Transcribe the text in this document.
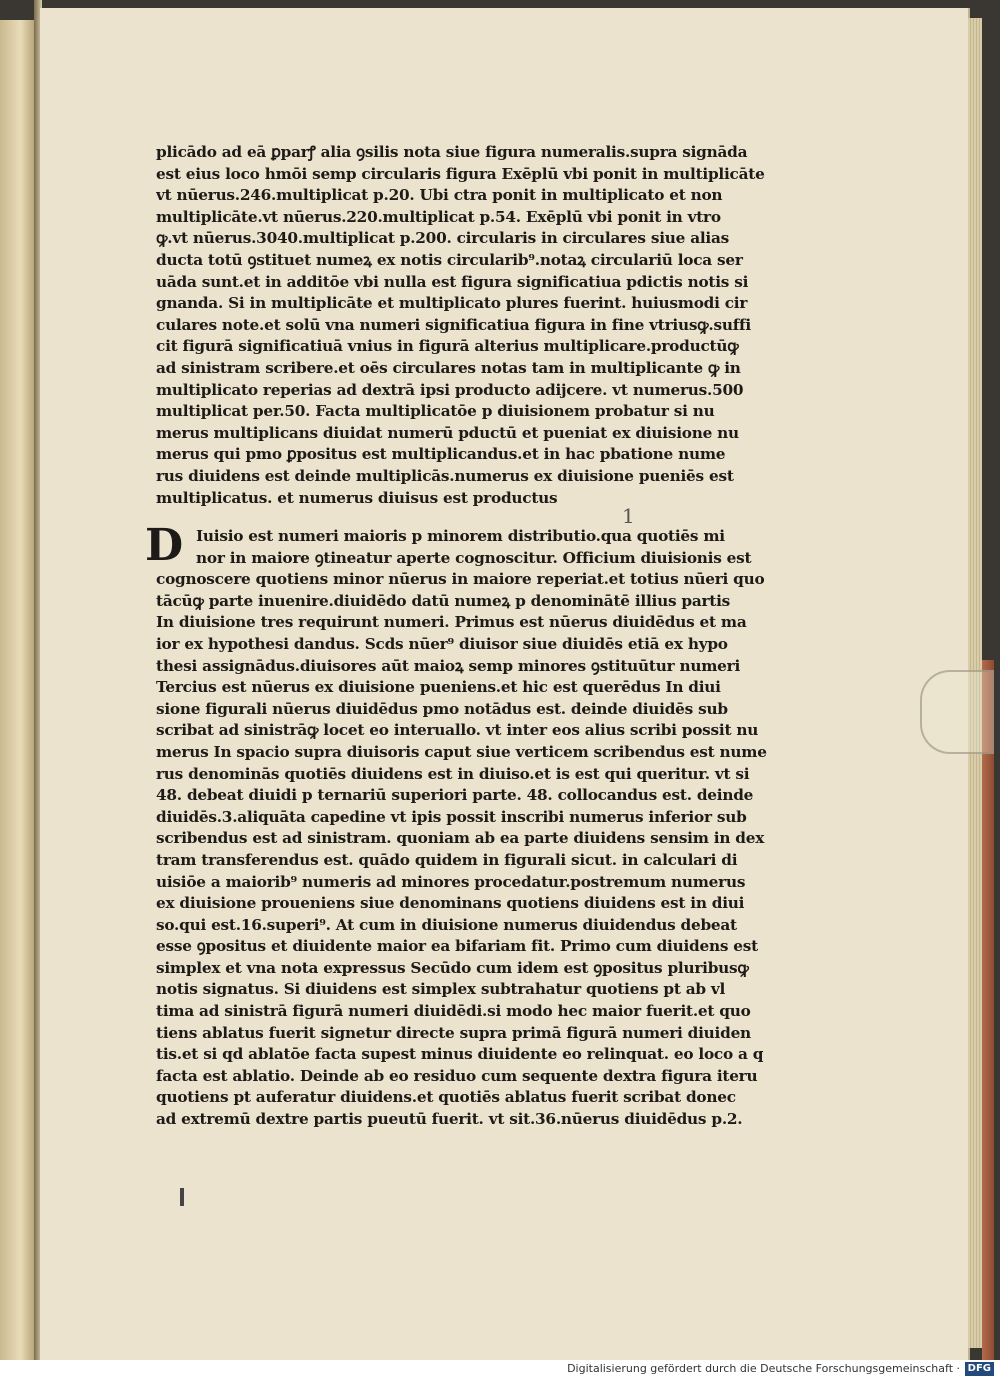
plicādo ad eā ꝑparꝭ alia ꝯsilis nota siue figura numeralis.supra signāda
est eius loco hmōi semp circularis figura Exēplū vbi ponit in multiplicāte
vt nūerus.246.multiplicat p.20. Ubi ctra ponit in multiplicato et non
multiplicāte.vt nūerus.220.multiplicat p.54. Exēplū vbi ponit in vtro
ꝙ.vt nūerus.3040.multiplicat p.200. circularis in circulares siue alias
ducta totū ꝯstituet numeꝝ ex notis circularib⁹.notaꝝ circulariū loca ser
uāda sunt.et in additōe vbi nulla est figura significatiua pdictis notis si
gnanda. Si in multiplicāte et multiplicato plures fuerint. huiusmodi cir
culares note.et solū vna numeri significatiua figura in fine vtriusꝙ.suffi
cit figurā significatiuā vnius in figurā alterius multiplicare.productūꝙ
ad sinistram scribere.et oēs circulares notas tam in multiplicante ꝙ in
multiplicato reperias ad dextrā ipsi producto adijcere. vt numerus.500
multiplicat per.50. Facta multiplicatōe p diuisionem probatur si nu
merus multiplicans diuidat numerū pductū et pueniat ex diuisione nu
merus qui pmo ꝑpositus est multiplicandus.et in hac pbatione nume
rus diuidens est deinde multiplicās.numerus ex diuisione pueniēs est
multiplicatus. et numerus diuisus est productus
1
D Iuisio est numeri maioris p minorem distributio.qua quotiēs mi
nor in maiore ꝯtineatur aperte cognoscitur. Officium diuisionis est
cognoscere quotiens minor nūerus in maiore reperiat.et totius nūeri quo
tācūꝙ parte inuenire.diuidēdo datū numeꝝ p denominātē illius partis
In diuisione tres requirunt numeri. Primus est nūerus diuidēdus et ma
ior ex hypothesi dandus. Scds nūer⁹ diuisor siue diuidēs etiā ex hypo
thesi assignādus.diuisores aūt maioꝝ semp minores ꝯstituūtur numeri
Tercius est nūerus ex diuisione pueniens.et hic est querēdus In diui
sione figurali nūerus diuidēdus pmo notādus est. deinde diuidēs sub
scribat ad sinistrāꝙ locet eo interuallo. vt inter eos alius scribi possit nu
merus In spacio supra diuisoris caput siue verticem scribendus est nume
rus denominās quotiēs diuidens est in diuiso.et is est qui queritur. vt si
48. debeat diuidi p ternariū superiori parte. 48. collocandus est. deinde
diuidēs.3.aliquāta capedine vt ipis possit inscribi numerus inferior sub
scribendus est ad sinistram. quoniam ab ea parte diuidens sensim in dex
tram transferendus est. quādo quidem in figurali sicut. in calculari di
uisiōe a maiorib⁹ numeris ad minores procedatur.postremum numerus
ex diuisione proueniens siue denominans quotiens diuidens est in diui
so.qui est.16.superi⁹. At cum in diuisione numerus diuidendus debeat
esse ꝯpositus et diuidente maior ea bifariam fit. Primo cum diuidens est
simplex et vna nota expressus Secūdo cum idem est ꝯpositus pluribusꝙ
notis signatus. Si diuidens est simplex subtrahatur quotiens pt ab vl
tima ad sinistrā figurā numeri diuidēdi.si modo hec maior fuerit.et quo
tiens ablatus fuerit signetur directe supra primā figurā numeri diuiden
tis.et si qd ablatōe facta supest minus diuidente eo relinquat. eo loco a q
facta est ablatio. Deinde ab eo residuo cum sequente dextra figura iteru
quotiens pt auferatur diuidens.et quotiēs ablatus fuerit scribat donec
ad extremū dextre partis pueutū fuerit. vt sit.36.nūerus diuidēdus p.2.
Digitalisierung gefördert durch die Deutsche Forschungsgemeinschaft · DFG
